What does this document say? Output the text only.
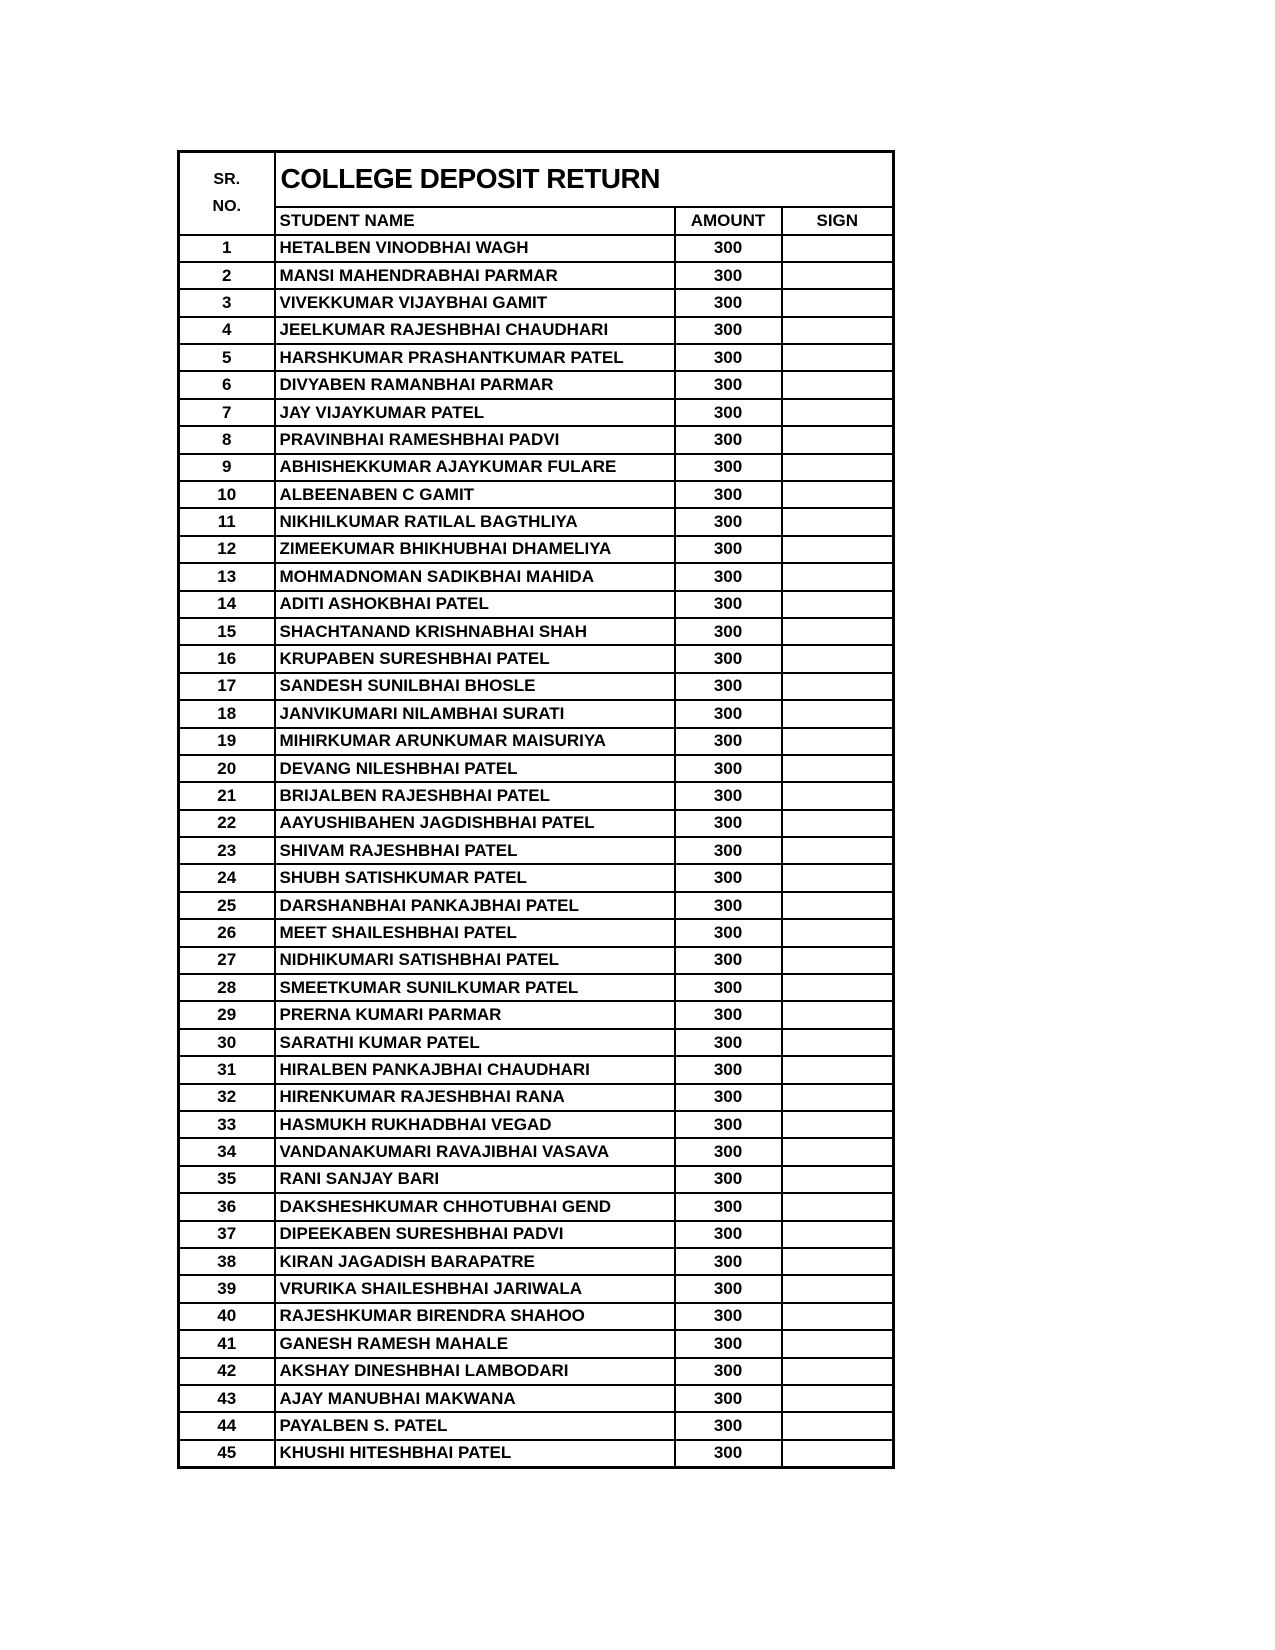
SR.
NO.	COLLEGE DEPOSIT RETURN		
	STUDENT NAME	AMOUNT	SIGN
1	HETALBEN VINODBHAI WAGH	300	
2	MANSI MAHENDRABHAI PARMAR	300	
3	VIVEKKUMAR VIJAYBHAI GAMIT	300	
4	JEELKUMAR RAJESHBHAI CHAUDHARI	300	
5	HARSHKUMAR PRASHANTKUMAR PATEL	300	
6	DIVYABEN RAMANBHAI PARMAR	300	
7	JAY VIJAYKUMAR PATEL	300	
8	PRAVINBHAI RAMESHBHAI PADVI	300	
9	ABHISHEKKUMAR AJAYKUMAR FULARE	300	
10	ALBEENABEN C GAMIT	300	
11	NIKHILKUMAR RATILAL BAGTHLIYA	300	
12	ZIMEEKUMAR BHIKHUBHAI DHAMELIYA	300	
13	MOHMADNOMAN SADIKBHAI MAHIDA	300	
14	ADITI ASHOKBHAI PATEL	300	
15	SHACHTANAND KRISHNABHAI SHAH	300	
16	KRUPABEN SURESHBHAI PATEL	300	
17	SANDESH SUNILBHAI BHOSLE	300	
18	JANVIKUMARI NILAMBHAI SURATI	300	
19	MIHIRKUMAR ARUNKUMAR MAISURIYA	300	
20	DEVANG NILESHBHAI PATEL	300	
21	BRIJALBEN RAJESHBHAI PATEL	300	
22	AAYUSHIBAHEN JAGDISHBHAI PATEL	300	
23	SHIVAM RAJESHBHAI PATEL	300	
24	SHUBH SATISHKUMAR PATEL	300	
25	DARSHANBHAI PANKAJBHAI PATEL	300	
26	MEET SHAILESHBHAI PATEL	300	
27	NIDHIKUMARI SATISHBHAI PATEL	300	
28	SMEETKUMAR SUNILKUMAR PATEL	300	
29	PRERNA KUMARI PARMAR	300	
30	SARATHI KUMAR PATEL	300	
31	HIRALBEN PANKAJBHAI CHAUDHARI	300	
32	HIRENKUMAR RAJESHBHAI RANA	300	
33	HASMUKH RUKHADBHAI VEGAD	300	
34	VANDANAKUMARI RAVAJIBHAI VASAVA	300	
35	RANI SANJAY BARI	300	
36	DAKSHESHKUMAR CHHOTUBHAI GEND	300	
37	DIPEEKABEN SURESHBHAI PADVI	300	
38	KIRAN JAGADISH BARAPATRE	300	
39	VRURIKA SHAILESHBHAI JARIWALA	300	
40	RAJESHKUMAR BIRENDRA SHAHOO	300	
41	GANESH RAMESH MAHALE	300	
42	AKSHAY DINESHBHAI LAMBODARI	300	
43	AJAY MANUBHAI MAKWANA	300	
44	PAYALBEN S. PATEL	300	
45	KHUSHI HITESHBHAI PATEL	300	
